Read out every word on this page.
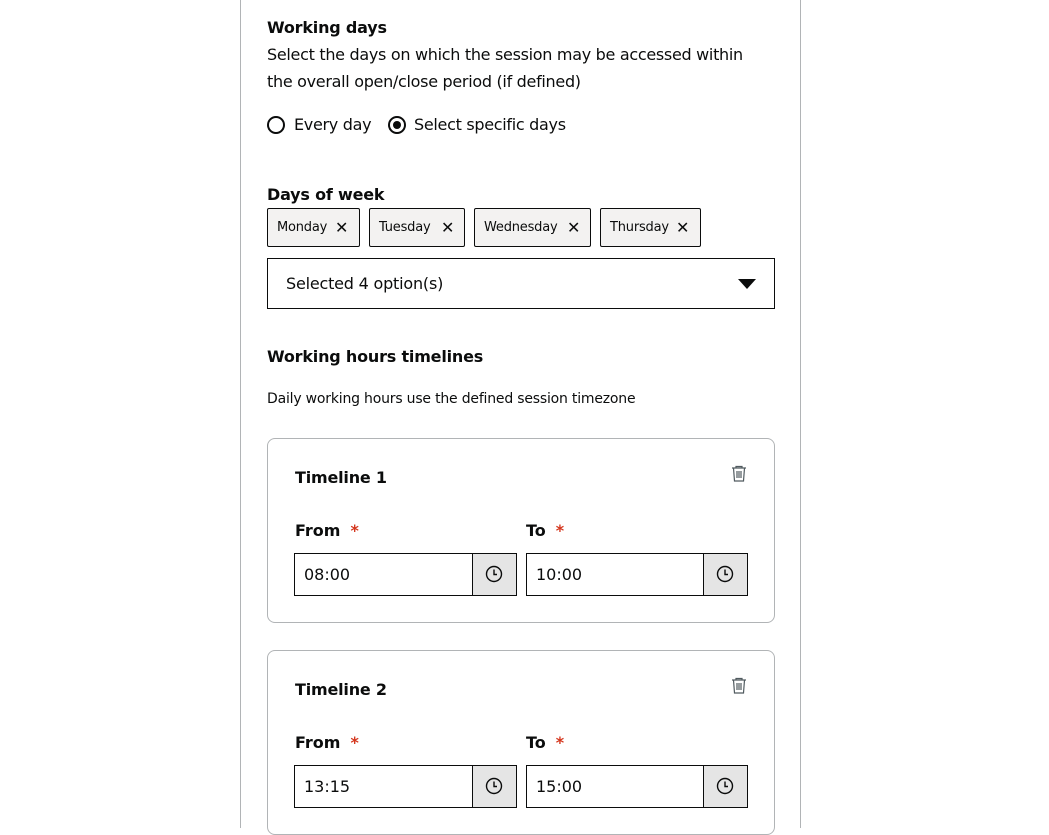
Working days
Select the days on which the session may be accessed within the overall open/close period (if defined)
Every day	Select specific days
Days of week
Monday ✕ Tuesday ✕ Wednesday ✕ Thursday ✕
Selected 4 option(s)
Working hours timelines
Daily working hours use the defined session timezone
Timeline 1
From *	To *
08:00	10:00
Timeline 2
From *	To *
13:15	15:00
